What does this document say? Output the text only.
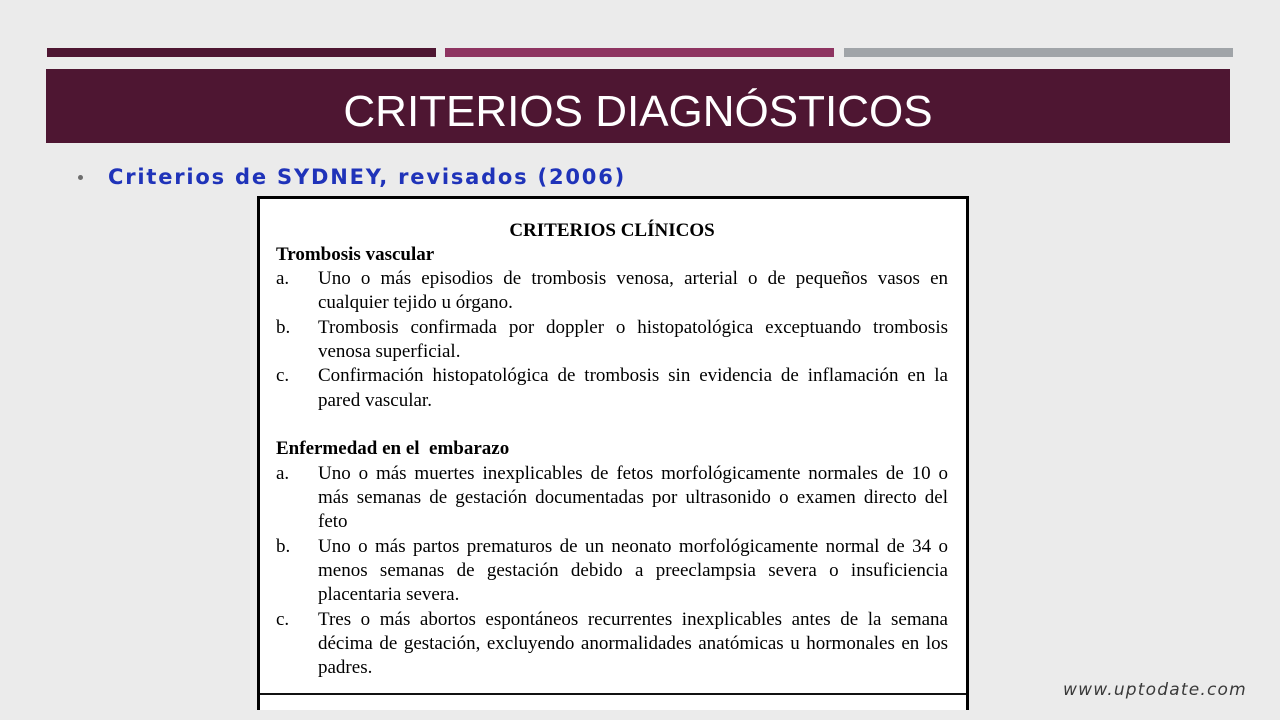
CRITERIOS DIAGNÓSTICOS
Criterios de SYDNEY, revisados (2006)
CRITERIOS CLÍNICOS
Trombosis vascular
a.	Uno o más episodios de trombosis venosa, arterial o de pequeños vasos en
cualquier tejido u órgano.
b.	Trombosis confirmada por doppler o histopatológica exceptuando trombosis
venosa superficial.
c.	Confirmación histopatológica de trombosis sin evidencia de inflamación en la
pared vascular.
Enfermedad en el  embarazo
a.	Uno o más muertes inexplicables de fetos morfológicamente normales de 10 o
más semanas de gestación documentadas por ultrasonido o examen directo del
feto
b.	Uno o más partos prematuros de un neonato morfológicamente normal de 34 o
menos semanas de gestación debido a preeclampsia severa o insuficiencia
placentaria severa.
c.	Tres o más abortos espontáneos recurrentes inexplicables antes de la semana
décima de gestación, excluyendo anormalidades anatómicas u hormonales en los
padres.
www.uptodate.com
